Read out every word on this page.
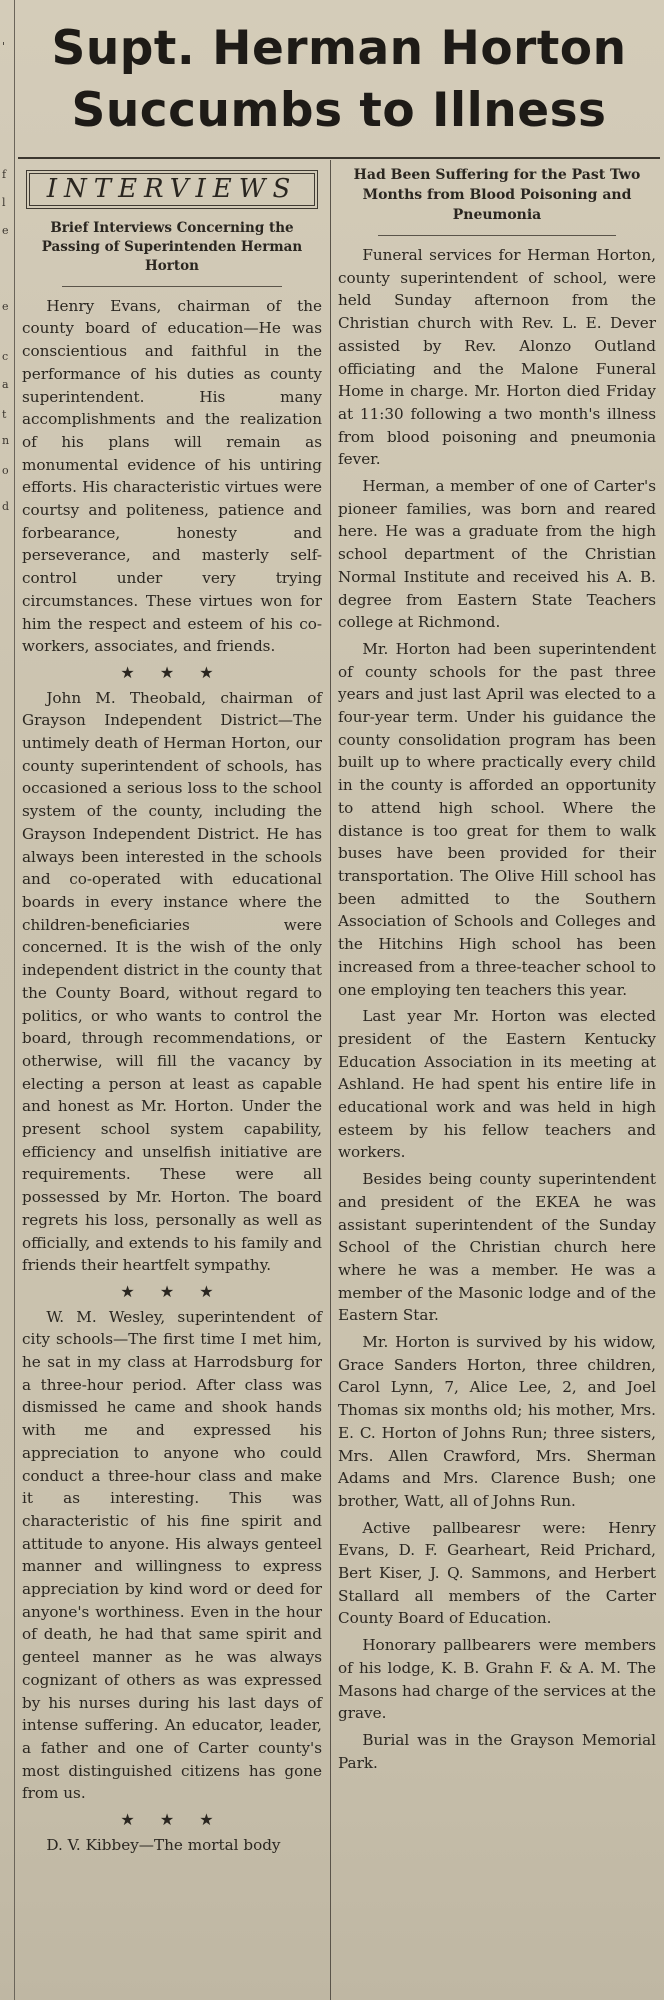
'
f
l
e
e
c
a
t
n
o
d
Supt. Herman Horton
Succumbs to Illness
INTERVIEWS
Brief Interviews Concerning the Passing of Superintenden Herman Horton

Henry Evans, chairman of the county board of education—He was conscientious and faithful in the performance of his duties as county superintendent. His many accomplishments and the realization of his plans will remain as monumental evidence of his untiring efforts. His characteristic virtues were courtsy and politeness, patience and forbearance, honesty and perseverance, and masterly self-control under very trying circumstances. These virtues won for him the respect and esteem of his co-workers, associates, and friends.

★ ★ ★

John M. Theobald, chairman of Grayson Independent District—The untimely death of Herman Horton, our county superintendent of schools, has occasioned a serious loss to the school system of the county, including the Grayson Independent District. He has always been interested in the schools and co-operated with educational boards in every instance where the children-beneficiaries were concerned. It is the wish of the only independent district in the county that the County Board, without regard to politics, or who wants to control the board, through recommendations, or otherwise, will fill the vacancy by electing a person at least as capable and honest as Mr. Horton. Under the present school system capability, efficiency and unselfish initiative are requirements. These were all possessed by Mr. Horton. The board regrets his loss, personally as well as officially, and extends to his family and friends their heartfelt sympathy.

★ ★ ★

W. M. Wesley, superintendent of city schools—The first time I met him, he sat in my class at Harrodsburg for a three-hour period. After class was dismissed he came and shook hands with me and expressed his appreciation to anyone who could conduct a three-hour class and make it as interesting. This was characteristic of his fine spirit and attitude to anyone. His always genteel manner and willingness to express appreciation by kind word or deed for anyone's worthiness. Even in the hour of death, he had that same spirit and genteel manner as he was always cognizant of others as was expressed by his nurses during his last days of intense suffering. An educator, leader, a father and one of Carter county's most distinguished citizens has gone from us.

★ ★ ★

D. V. Kibbey—The mortal body

Had Been Suffering for the Past Two Months from Blood Poisoning and Pneumonia

Funeral services for Herman Horton, county superintendent of school, were held Sunday afternoon from the Christian church with Rev. L. E. Dever assisted by Rev. Alonzo Outland officiating and the Malone Funeral Home in charge. Mr. Horton died Friday at 11:30 following a two month's illness from blood poisoning and pneumonia fever.

Herman, a member of one of Carter's pioneer families, was born and reared here. He was a graduate from the high school department of the Christian Normal Institute and received his A. B. degree from Eastern State Teachers college at Richmond.

Mr. Horton had been superintendent of county schools for the past three years and just last April was elected to a four-year term. Under his guidance the county consolidation program has been built up to where practically every child in the county is afforded an opportunity to attend high school. Where the distance is too great for them to walk buses have been provided for their transportation. The Olive Hill school has been admitted to the Southern Association of Schools and Colleges and the Hitchins High school has been increased from a three-teacher school to one employing ten teachers this year.

Last year Mr. Horton was elected president of the Eastern Kentucky Education Association in its meeting at Ashland. He had spent his entire life in educational work and was held in high esteem by his fellow teachers and workers.

Besides being county superintendent and president of the EKEA he was assistant superintendent of the Sunday School of the Christian church here where he was a member. He was a member of the Masonic lodge and of the Eastern Star.

Mr. Horton is survived by his widow, Grace Sanders Horton, three children, Carol Lynn, 7, Alice Lee, 2, and Joel Thomas six months old; his mother, Mrs. E. C. Horton of Johns Run; three sisters, Mrs. Allen Crawford, Mrs. Sherman Adams and Mrs. Clarence Bush; one brother, Watt, all of Johns Run.

Active pallbearesr were: Henry Evans, D. F. Gearheart, Reid Prichard, Bert Kiser, J. Q. Sammons, and Herbert Stallard all members of the Carter County Board of Education.

Honorary pallbearers were members of his lodge, K. B. Grahn F. & A. M. The Masons had charge of the services at the grave.

Burial was in the Grayson Memorial Park.
